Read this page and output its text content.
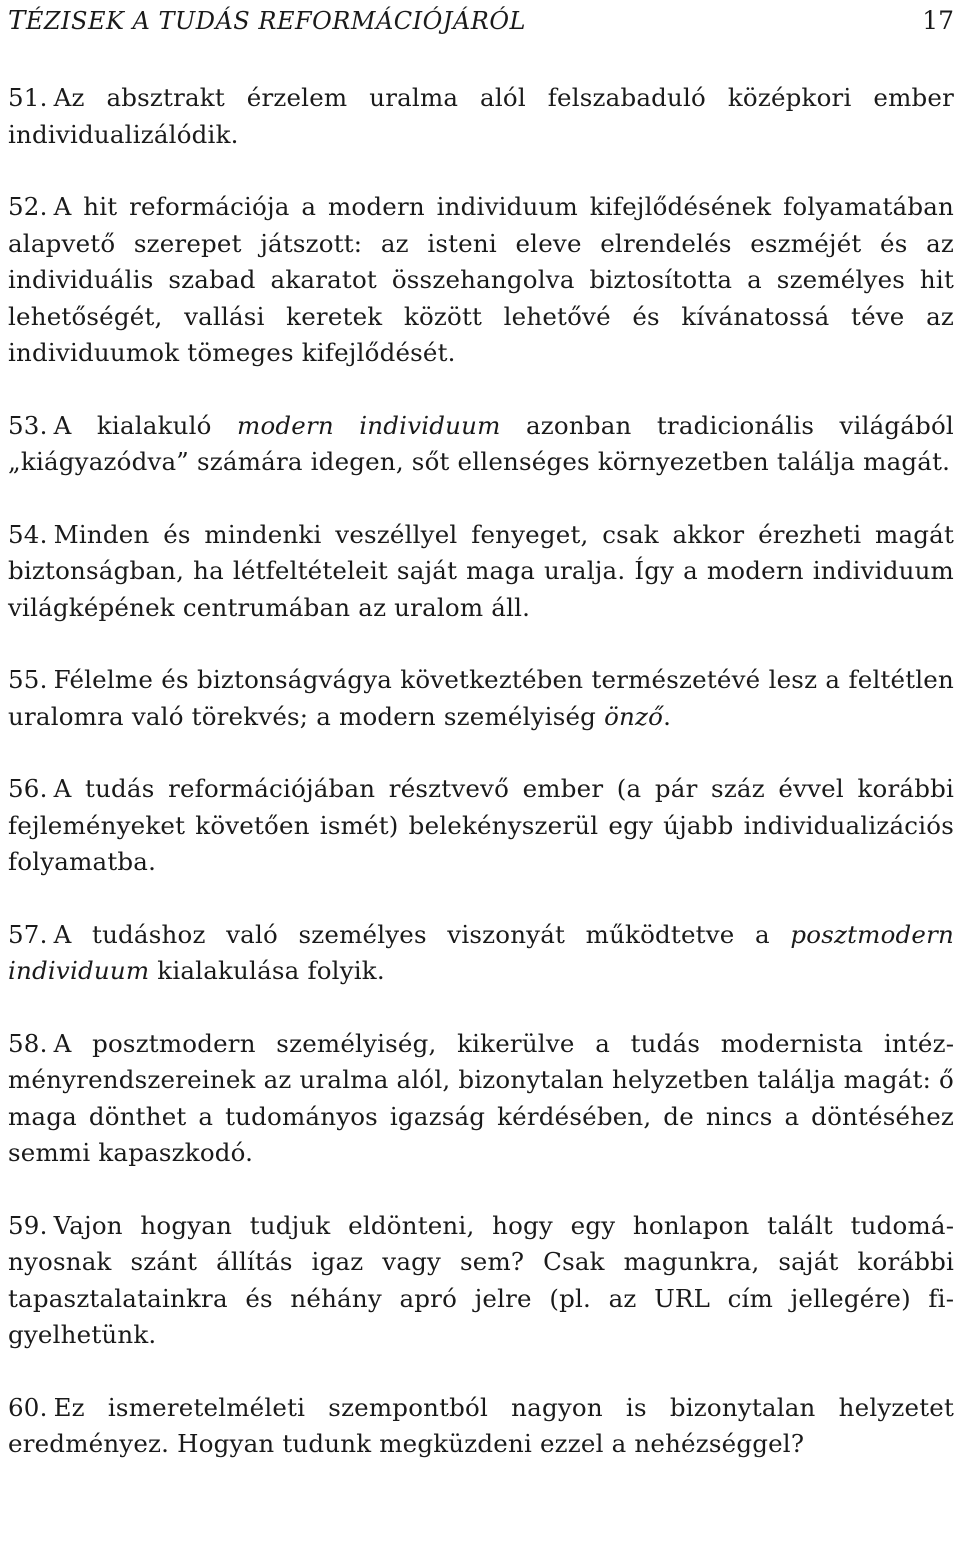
TÉZISEK A TUDÁS REFORMÁCIÓJÁRÓL	17

51. Az absztrakt érzelem uralma alól felszabaduló középkori ember individualizálódik.

52. A hit reformációja a modern individuum kifejlődésének folyamatában alapvető szerepet játszott: az isteni eleve elrendelés eszméjét és az individuális szabad akaratot összehangolva biztosította a személyes hit lehetőségét, vallási keretek között lehetővé és kívánatossá téve az individuumok tömeges kifejlődését.

53. A kialakuló modern individuum azonban tradicionális világából „kiágyazódva” számára idegen, sőt ellenséges környezetben találja magát.

54. Minden és mindenki veszéllyel fenyeget, csak akkor érezheti magát biztonságban, ha létfeltételeit saját maga uralja. Így a modern individuum világképének centrumában az uralom áll.

55. Félelme és biztonságvágya következtében természetévé lesz a feltétlen uralomra való törekvés; a modern személyiség önző.

56. A tudás reformációjában résztvevő ember (a pár száz évvel korábbi fejleményeket követően ismét) belekényszerül egy újabb individualizációs folyamatba.

57. A tudáshoz való személyes viszonyát működtetve a posztmodern individuum kialakulása folyik.

58. A posztmodern személyiség, kikerülve a tudás modernista intézményrendszereinek az uralma alól, bizonytalan helyzetben találja magát: ő maga dönthet a tudományos igazság kérdésében, de nincs a döntéséhez semmi kapaszkodó.

59. Vajon hogyan tudjuk eldönteni, hogy egy honlapon talált tudományosnak szánt állítás igaz vagy sem? Csak magunkra, saját korábbi tapasztalatainkra és néhány apró jelre (pl. az URL cím jellegére) figyelhetünk.

60. Ez ismeretelméleti szempontból nagyon is bizonytalan helyzetet eredményez. Hogyan tudunk megküzdeni ezzel a nehézséggel?
